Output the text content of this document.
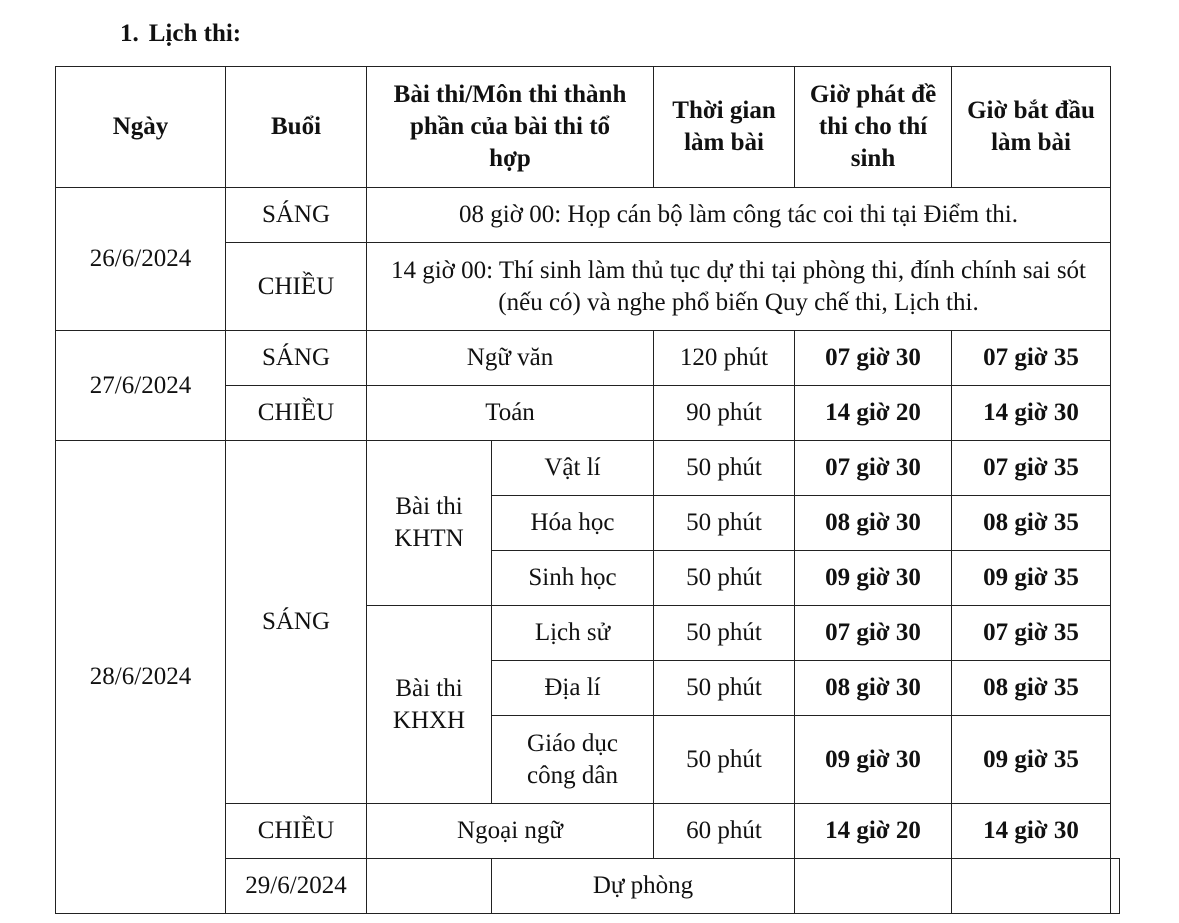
1. Lịch thi:
Ngày	Buổi	Bài thi/Môn thi thành phần của bài thi tổ hợp		Thời gian làm bài	Giờ phát đề thi cho thí sinh	Giờ bắt đầu làm bài	
26/6/2024	SÁNG	08 giờ 00: Họp cán bộ làm công tác coi thi tại Điểm thi.					
	CHIỀU	14 giờ 00: Thí sinh làm thủ tục dự thi tại phòng thi, đính chính sai sót (nếu có) và nghe phổ biến Quy chế thi, Lịch thi.					
27/6/2024	SÁNG	Ngữ văn		120 phút	07 giờ 30	07 giờ 35	
	CHIỀU	Toán		90 phút	14 giờ 20	14 giờ 30	
28/6/2024	SÁNG	Bài thi KHTN	Vật lí	50 phút	07 giờ 30	07 giờ 35	
			Hóa học	50 phút	08 giờ 30	08 giờ 35	
			Sinh học	50 phút	09 giờ 30	09 giờ 35	
		Bài thi KHXH	Lịch sử	50 phút	07 giờ 30	07 giờ 35	
			Địa lí	50 phút	08 giờ 30	08 giờ 35	
			Giáo dục công dân	50 phút	09 giờ 30	09 giờ 35	
	CHIỀU	Ngoại ngữ		60 phút	14 giờ 20	14 giờ 30	
	29/6/2024		Dự phòng				
